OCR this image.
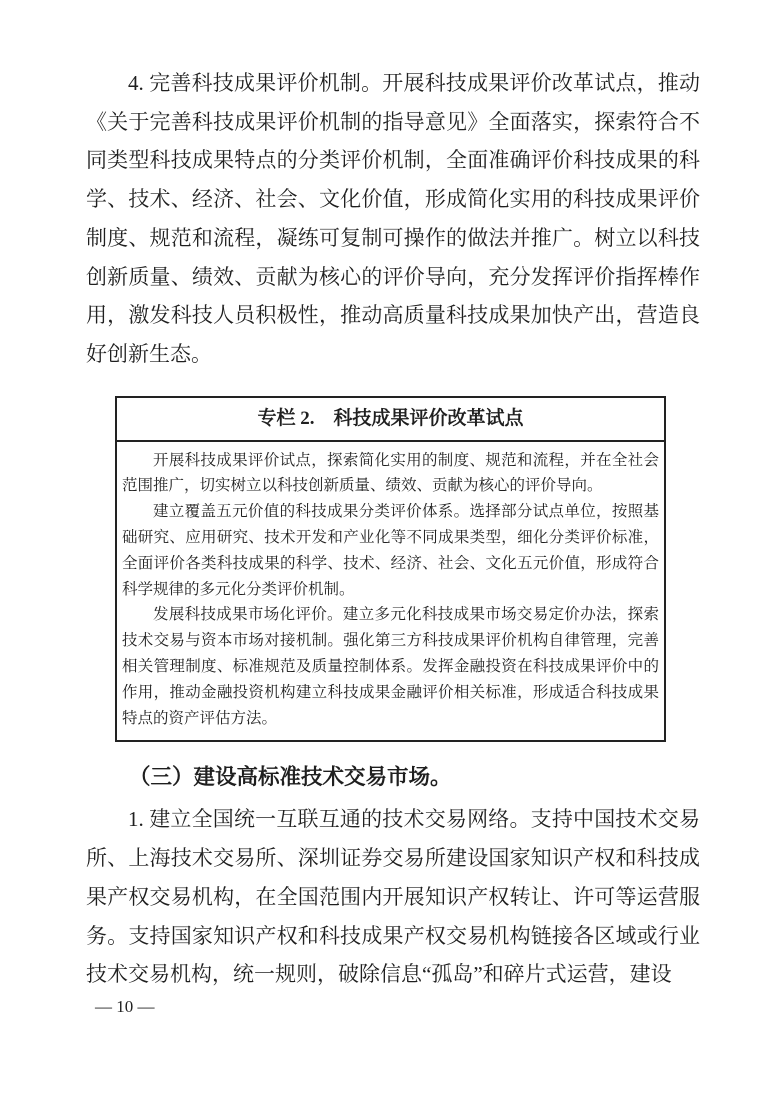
4. 完善科技成果评价机制。开展科技成果评价改革试点，推动《关于完善科技成果评价机制的指导意见》全面落实，探索符合不同类型科技成果特点的分类评价机制，全面准确评价科技成果的科学、技术、经济、社会、文化价值，形成简化实用的科技成果评价制度、规范和流程，凝练可复制可操作的做法并推广。树立以科技创新质量、绩效、贡献为核心的评价导向，充分发挥评价指挥棒作用，激发科技人员积极性，推动高质量科技成果加快产出，营造良好创新生态。

专栏 2.　科技成果评价改革试点

开展科技成果评价试点，探索简化实用的制度、规范和流程，并在全社会范围推广，切实树立以科技创新质量、绩效、贡献为核心的评价导向。

建立覆盖五元价值的科技成果分类评价体系。选择部分试点单位，按照基础研究、应用研究、技术开发和产业化等不同成果类型，细化分类评价标准，全面评价各类科技成果的科学、技术、经济、社会、文化五元价值，形成符合科学规律的多元化分类评价机制。

发展科技成果市场化评价。建立多元化科技成果市场交易定价办法，探索技术交易与资本市场对接机制。强化第三方科技成果评价机构自律管理，完善相关管理制度、标准规范及质量控制体系。发挥金融投资在科技成果评价中的作用，推动金融投资机构建立科技成果金融评价相关标准，形成适合科技成果特点的资产评估方法。

（三）建设高标准技术交易市场。

1. 建立全国统一互联互通的技术交易网络。支持中国技术交易所、上海技术交易所、深圳证券交易所建设国家知识产权和科技成果产权交易机构，在全国范围内开展知识产权转让、许可等运营服务。支持国家知识产权和科技成果产权交易机构链接各区域或行业技术交易机构，统一规则，破除信息“孤岛”和碎片式运营，建设

— 10 —
